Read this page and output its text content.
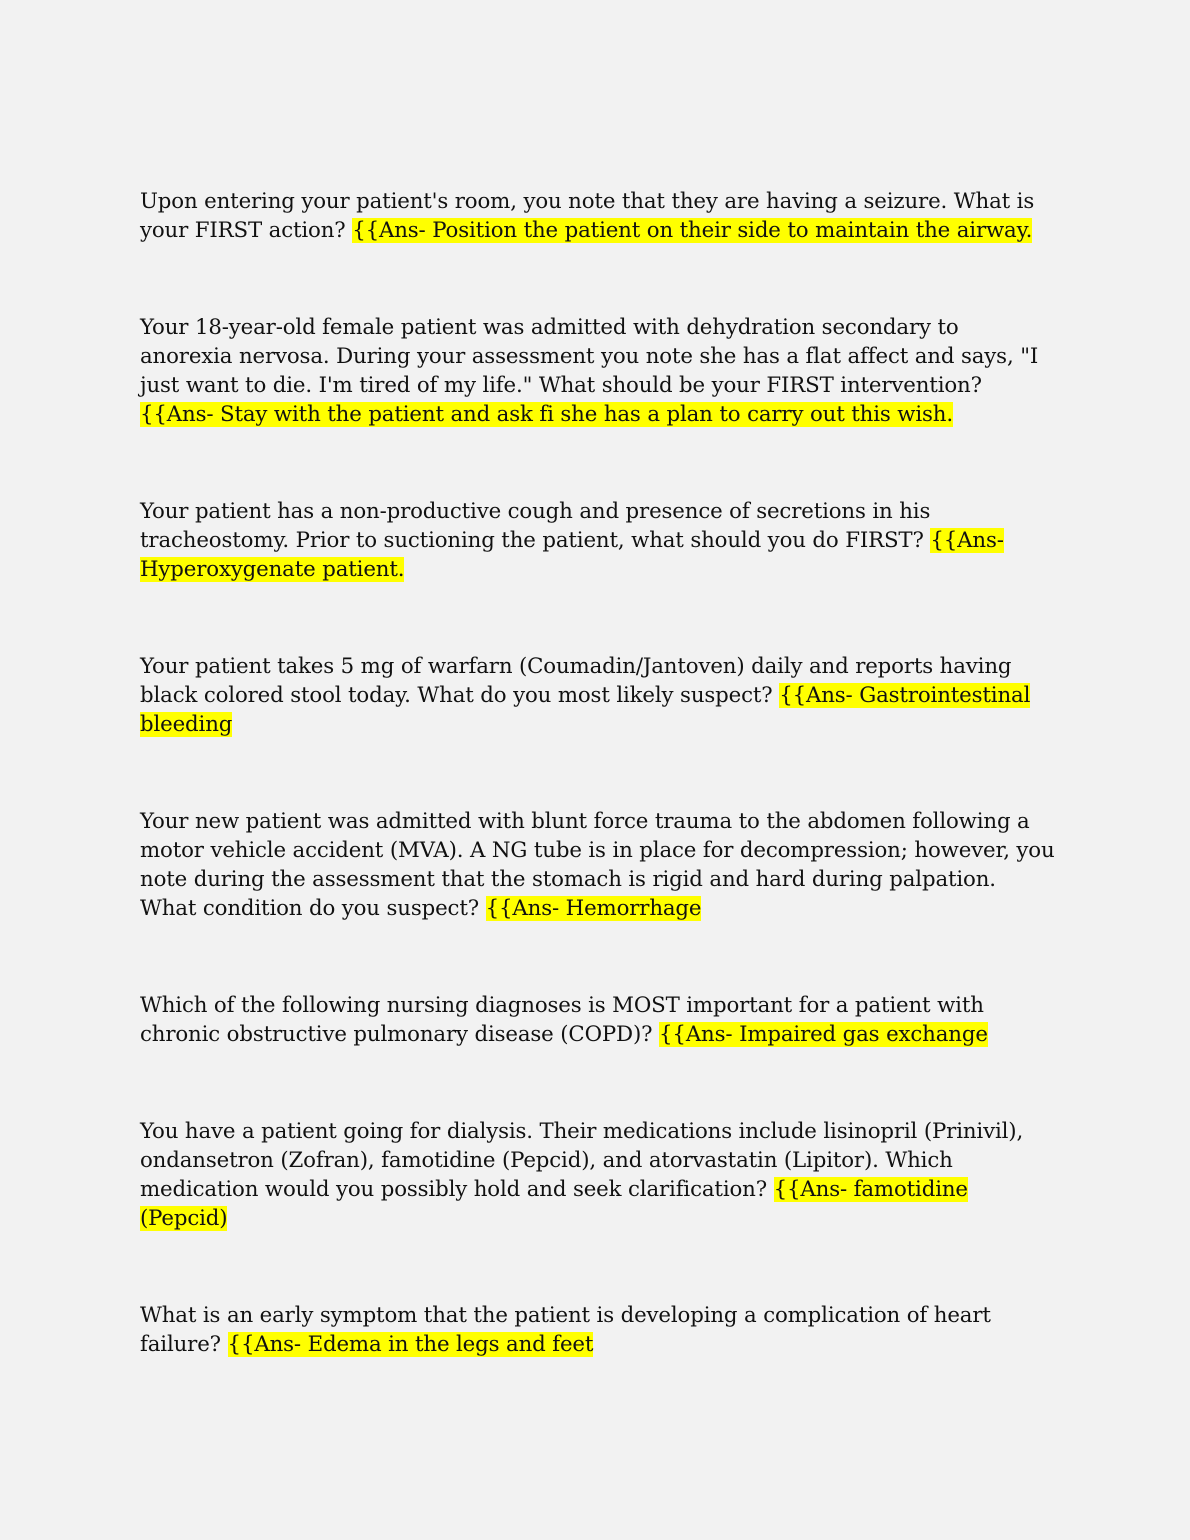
Upon entering your patient's room, you note that they are having a seizure. What is your FIRST action? {{Ans- Position the patient on their side to maintain the airway.

Your 18-year-old female patient was admitted with dehydration secondary to anorexia nervosa. During your assessment you note she has a flat affect and says, "I just want to die. I'm tired of my life." What should be your FIRST intervention? {{Ans- Stay with the patient and ask fi she has a plan to carry out this wish.

Your patient has a non-productive cough and presence of secretions in his tracheostomy. Prior to suctioning the patient, what should you do FIRST? {{Ans- Hyperoxygenate patient.

Your patient takes 5 mg of warfarn (Coumadin/Jantoven) daily and reports having black colored stool today. What do you most likely suspect? {{Ans- Gastrointestinal bleeding

Your new patient was admitted with blunt force trauma to the abdomen following a motor vehicle accident (MVA). A NG tube is in place for decompression; however, you note during the assessment that the stomach is rigid and hard during palpation. What condition do you suspect? {{Ans- Hemorrhage

Which of the following nursing diagnoses is MOST important for a patient with chronic obstructive pulmonary disease (COPD)? {{Ans- Impaired gas exchange

You have a patient going for dialysis. Their medications include lisinopril (Prinivil), ondansetron (Zofran), famotidine (Pepcid), and atorvastatin (Lipitor). Which medication would you possibly hold and seek clarification? {{Ans- famotidine (Pepcid)

What is an early symptom that the patient is developing a complication of heart failure? {{Ans- Edema in the legs and feet
